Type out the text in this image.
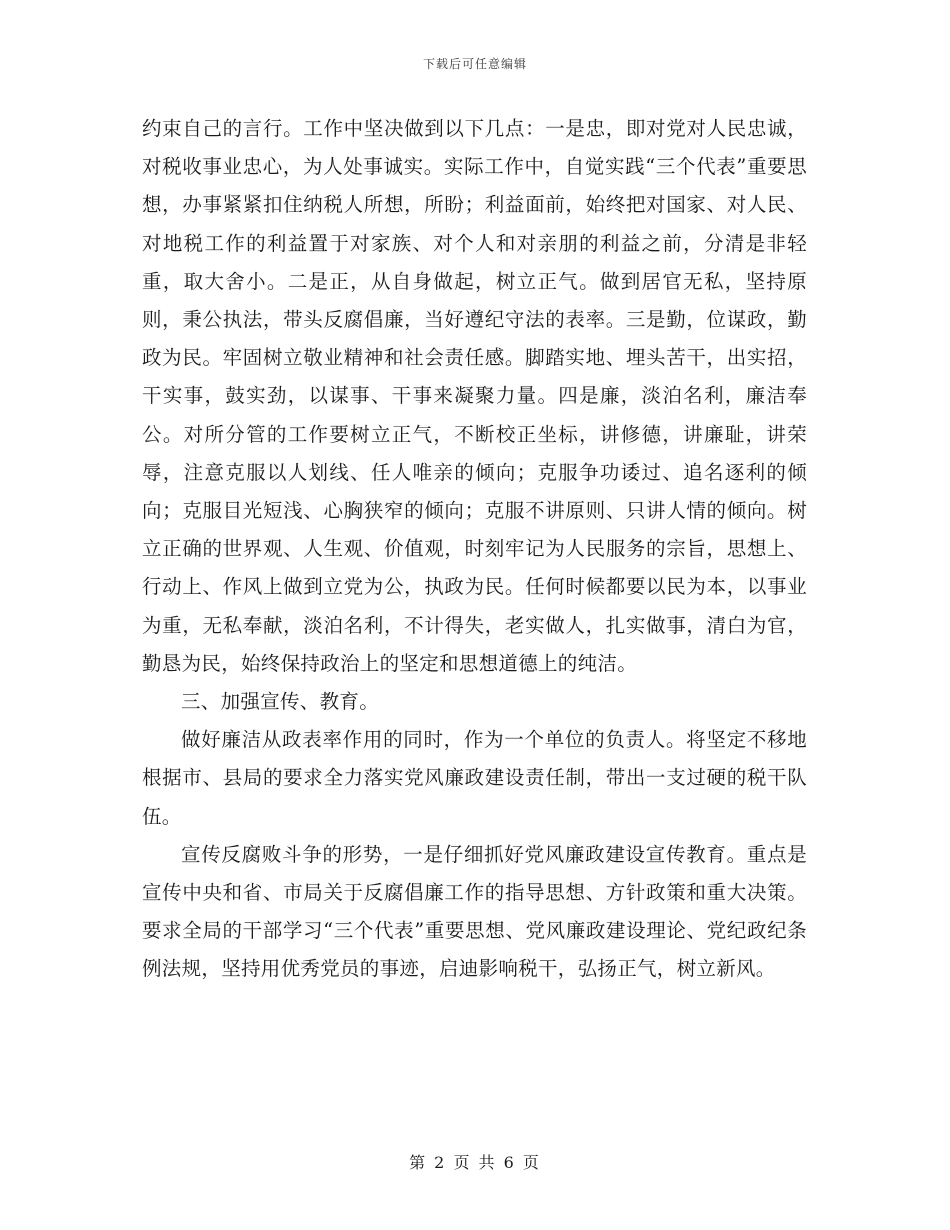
下载后可任意编辑

约束自己的言行。工作中坚决做到以下几点：一是忠，即对党对人民忠诚，对税收事业忠心，为人处事诚实。实际工作中，自觉实践“三个代表”重要思想，办事紧紧扣住纳税人所想，所盼；利益面前，始终把对国家、对人民、对地税工作的利益置于对家族、对个人和对亲朋的利益之前，分清是非轻重，取大舍小。二是正，从自身做起，树立正气。做到居官无私，坚持原则，秉公执法，带头反腐倡廉，当好遵纪守法的表率。三是勤，位谋政，勤政为民。牢固树立敬业精神和社会责任感。脚踏实地、埋头苦干，出实招，干实事，鼓实劲，以谋事、干事来凝聚力量。四是廉，淡泊名利，廉洁奉公。对所分管的工作要树立正气，不断校正坐标，讲修德，讲廉耻，讲荣辱，注意克服以人划线、任人唯亲的倾向；克服争功诿过、追名逐利的倾向；克服目光短浅、心胸狭窄的倾向；克服不讲原则、只讲人情的倾向。树立正确的世界观、人生观、价值观，时刻牢记为人民服务的宗旨，思想上、行动上、作风上做到立党为公，执政为民。任何时候都要以民为本，以事业为重，无私奉献，淡泊名利，不计得失，老实做人，扎实做事，清白为官，勤恳为民，始终保持政治上的坚定和思想道德上的纯洁。

三、加强宣传、教育。

做好廉洁从政表率作用的同时，作为一个单位的负责人。将坚定不移地根据市、县局的要求全力落实党风廉政建设责任制，带出一支过硬的税干队伍。

宣传反腐败斗争的形势，一是仔细抓好党风廉政建设宣传教育。重点是宣传中央和省、市局关于反腐倡廉工作的指导思想、方针政策和重大决策。要求全局的干部学习“三个代表”重要思想、党风廉政建设理论、党纪政纪条例法规，坚持用优秀党员的事迹，启迪影响税干，弘扬正气，树立新风。

第 2 页 共 6 页
